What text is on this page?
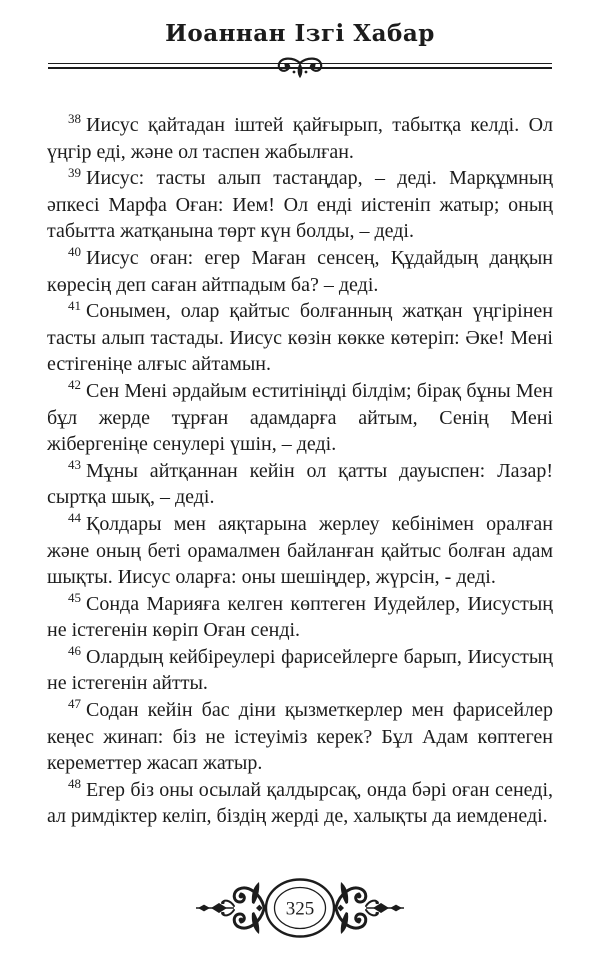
Иоаннан Ізгі Хабар

$^{38}$ Иисус қайтадан іштей қайғырып, табытқа келді. Ол үңгір еді, және ол таспен жабылған.

$^{39}$ Иисус: тасты алып тастаңдар, – деді. Марқұмның әпкесі Марфа Оған: Ием! Ол енді иістеніп жатыр; оның табытта жатқанына төрт күн болды, – деді.

$^{40}$ Иисус оған: егер Маған сенсең, Құдайдың даңқын көресің деп саған айтпадым ба? – деді.

$^{41}$ Сонымен, олар қайтыс болғанның жатқан үңгірінен тасты алып тастады. Иисус көзін көкке көтеріп: Әке! Мені естігеніңе алғыс айтамын.

$^{42}$ Сен Мені әрдайым еститініңді білдім; бірақ бұны Мен бұл жерде тұрған адамдарға айтым, Сенің Мені жібергеніңе сенулері үшін, – деді.

$^{43}$ Мұны айтқаннан кейін ол қатты дауыспен: Лазар! сыртқа шық, – деді.

$^{44}$ Қолдары мен аяқтарына жерлеу кебінімен оралған және оның беті орамалмен байланған қайтыс болған адам шықты. Иисус оларға: оны шешіңдер, жүрсін, - деді.

$^{45}$ Сонда Марияға келген көптеген Иудейлер, Иисустың не істегенін көріп Оған сенді.

$^{46}$ Олардың кейбіреулері фарисейлерге барып, Иисустың не істегенін айтты.

$^{47}$ Содан кейін бас діни қызметкерлер мен фарисейлер кеңес жинап: біз не істеуіміз керек? Бұл Адам көптеген кереметтер жасап жатыр.

$^{48}$ Егер біз оны осылай қалдырсақ, онда бәрі оған сенеді, ал римдіктер келіп, біздің жерді де, халықты да иемденеді.

325
